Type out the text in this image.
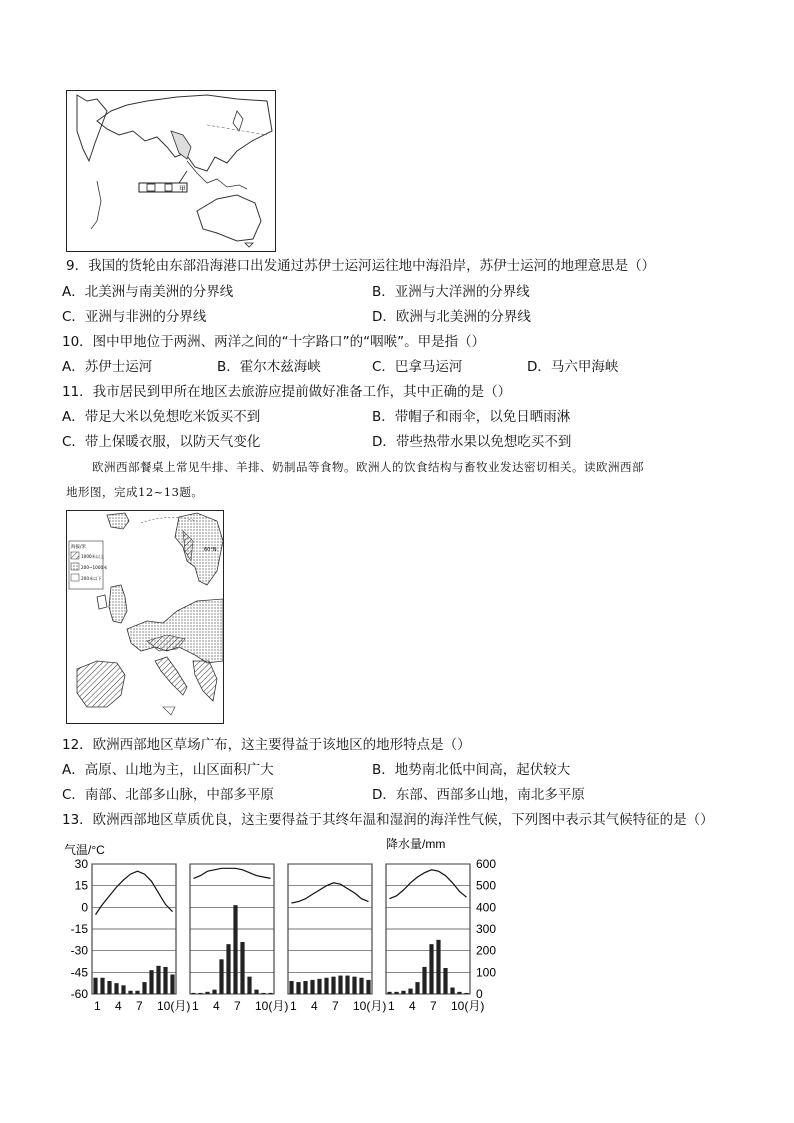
甲
9．我国的货轮由东部沿海港口出发通过苏伊士运河运往地中海沿岸，苏伊士运河的地理意思是（）
A．北美洲与南美洲的分界线	B．亚洲与大洋洲的分界线
C．亚洲与非洲的分界线	D．欧洲与北美洲的分界线
10．图中甲地位于两洲、两洋之间的“十字路口”的“咽喉”。甲是指（）
A．苏伊士运河	B．霍尔木兹海峡	C．巴拿马运河	D．马六甲海峡
11．我市居民到甲所在地区去旅游应提前做好准备工作，其中正确的是（）
A．带足大米以免想吃米饭买不到	B．带帽子和雨伞，以免日晒雨淋
C．带上保暖衣服，以防天气变化	D．带些热带水果以免想吃买不到
欧洲西部餐桌上常见牛排、羊排、奶制品等食物。欧洲人的饮食结构与畜牧业发达密切相关。读欧洲西部
地形图，完成12~13题。
60°N
海拔/米
1000米以上
200~1000米
200米以下
12．欧洲西部地区草场广布，这主要得益于该地区的地形特点是（）
A．高原、山地为主，山区面积广大	B．地势南北低中间高，起伏较大
C．南部、北部多山脉，中部多平原	D．东部、西部多山地，南北多平原
13．欧洲西部地区草质优良，这主要得益于其终年温和湿润的海洋性气候，下列图中表示其气候特征的是（）
气温/°C
30
15
0
-15
-30
-45
-60
降水量/mm
600
500
400
300
200
100
0
1 4 7 10(月) 1 4 7 10(月) 1 4 7 10(月) 1 4 7 10(月)
